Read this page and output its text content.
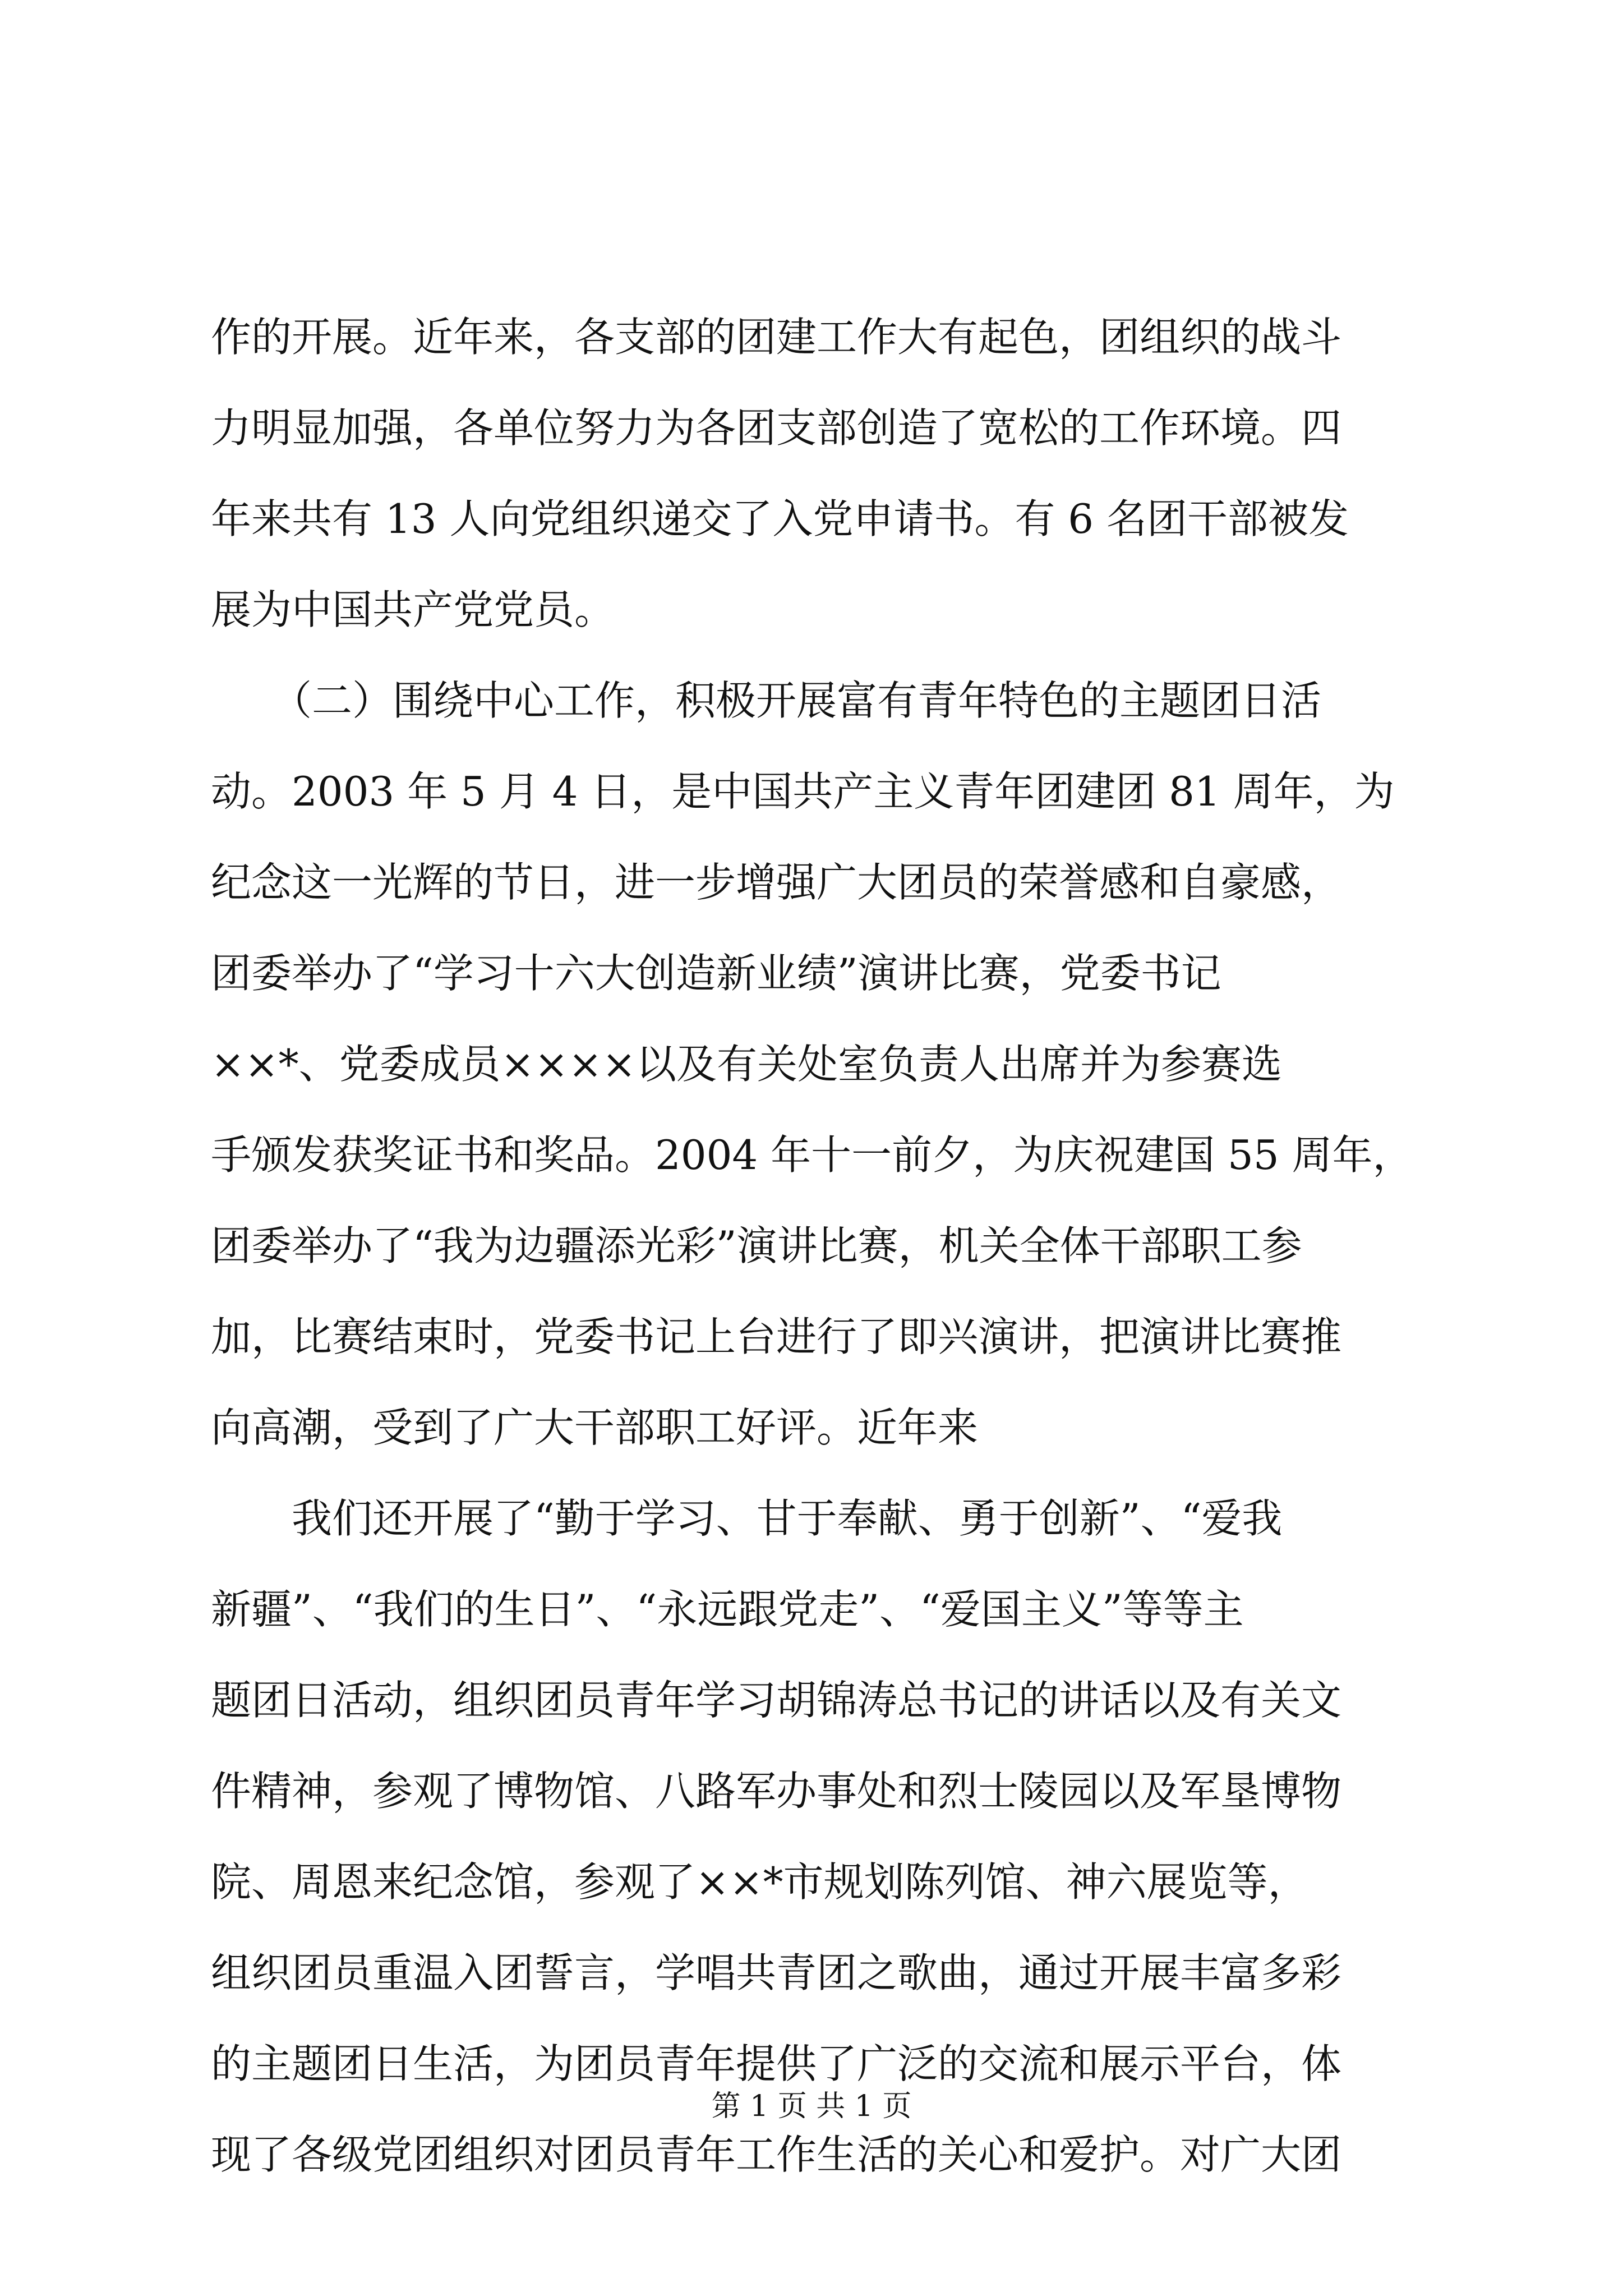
作的开展。近年来，各支部的团建工作大有起色，团组织的战斗
力明显加强，各单位努力为各团支部创造了宽松的工作环境。四
年来共有 13 人向党组织递交了入党申请书。有 6 名团干部被发
展为中国共产党党员。
　　（二）围绕中心工作，积极开展富有青年特色的主题团日活
动。2003 年 5 月 4 日，是中国共产主义青年团建团 81 周年，为
纪念这一光辉的节日，进一步增强广大团员的荣誉感和自豪感，
团委举办了“学习十六大创造新业绩”演讲比赛，党委书记
××*、党委成员××××以及有关处室负责人出席并为参赛选
手颁发获奖证书和奖品。2004 年十一前夕，为庆祝建国 55 周年，
团委举办了“我为边疆添光彩”演讲比赛，机关全体干部职工参
加，比赛结束时，党委书记上台进行了即兴演讲，把演讲比赛推
向高潮，受到了广大干部职工好评。近年来
　　我们还开展了“勤于学习、甘于奉献、勇于创新”、“爱我
新疆”、“我们的生日”、“永远跟党走”、“爱国主义”等等主
题团日活动，组织团员青年学习胡锦涛总书记的讲话以及有关文
件精神，参观了博物馆、八路军办事处和烈士陵园以及军垦博物
院、周恩来纪念馆，参观了××*市规划陈列馆、神六展览等，
组织团员重温入团誓言，学唱共青团之歌曲，通过开展丰富多彩
的主题团日生活，为团员青年提供了广泛的交流和展示平台，体
现了各级党团组织对团员青年工作生活的关心和爱护。对广大团
第 1 页 共 1 页
